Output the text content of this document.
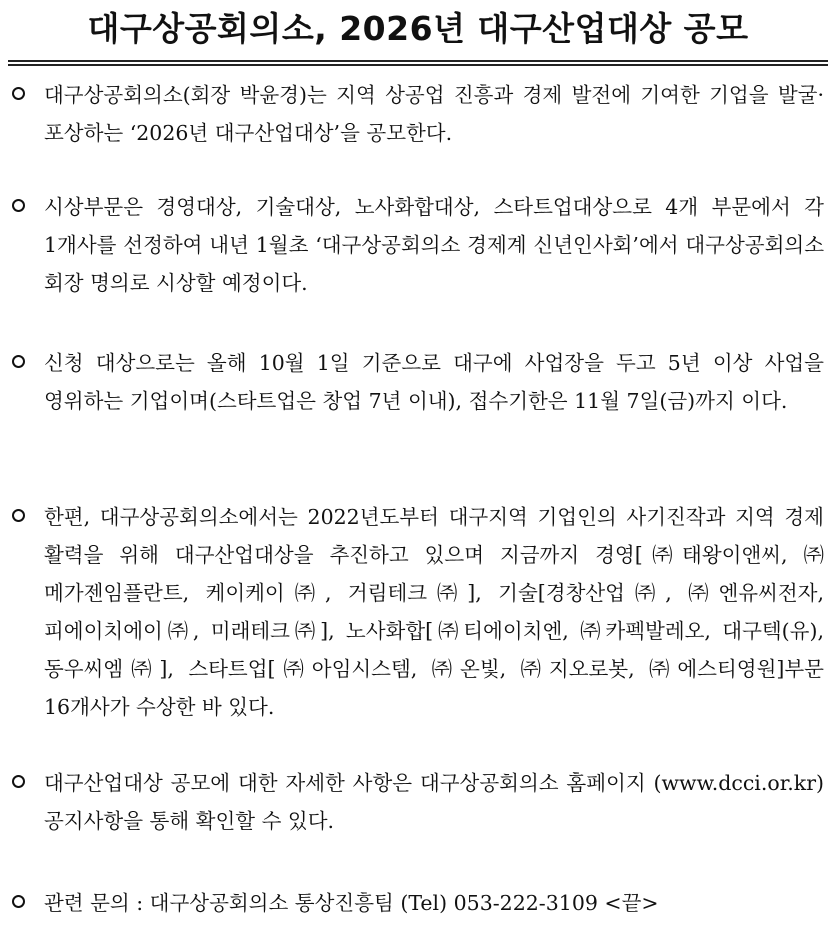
대구상공회의소, 2026년 대구산업대상 공모
대구상공회의소(회장 박윤경)는 지역 상공업 진흥과 경제 발전에 기여한 기업을 발굴·포상하는 ‘2026년 대구산업대상’을 공모한다.
시상부문은 경영대상, 기술대상, 노사화합대상, 스타트업대상으로 4개 부문에서 각 1개사를 선정하여 내년 1월초 ‘대구상공회의소 경제계 신년인사회’에서 대구상공회의소 회장 명의로 시상할 예정이다.
신청 대상으로는 올해 10월 1일 기준으로 대구에 사업장을 두고 5년 이상 사업을 영위하는 기업이며(스타트업은 창업 7년 이내), 접수기한은 11월 7일(금)까지 이다.
한편, 대구상공회의소에서는 2022년도부터 대구지역 기업인의 사기진작과 지역 경제 활력을 위해 대구산업대상을 추진하고 있으며 지금까지 경영[㈜태왕이앤씨, ㈜메가젠임플란트, 케이케이㈜, 거림테크㈜], 기술[경창산업㈜, ㈜엔유씨전자, 피에이치에이㈜, 미래테크㈜], 노사화합[㈜티에이치엔, ㈜카펙발레오, 대구텍(유), 동우씨엠㈜], 스타트업[㈜아임시스템, ㈜온빛, ㈜지오로봇, ㈜에스티영원]부문 16개사가 수상한 바 있다.
대구산업대상 공모에 대한 자세한 사항은 대구상공회의소 홈페이지 (www.dcci.or.kr) 공지사항을 통해 확인할 수 있다.
관련 문의 : 대구상공회의소 통상진흥팀 (Tel) 053-222-3109 <끝>
